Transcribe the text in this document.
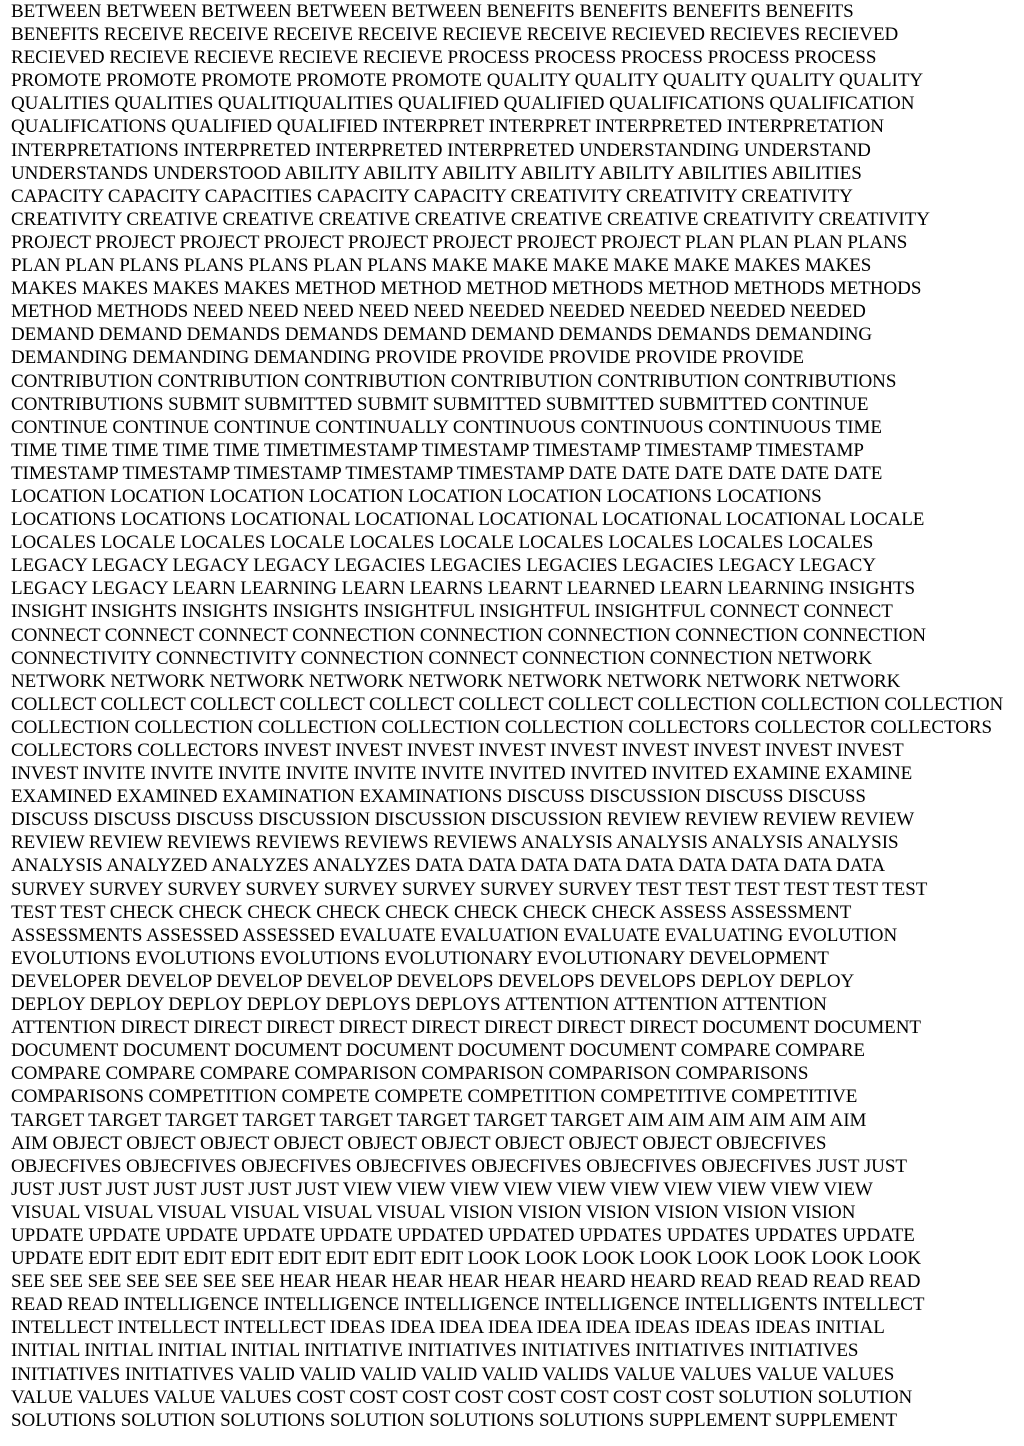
BETWEEN BETWEEN BETWEEN BETWEEN BETWEEN BENEFITS BENEFITS BENEFITS BENEFITS
BENEFITS RECEIVE RECEIVE RECEIVE RECEIVE RECIEVE RECEIVE RECIEVED RECIEVES RECIEVED
RECIEVED RECIEVE RECIEVE RECIEVE RECIEVE PROCESS PROCESS PROCESS PROCESS PROCESS
PROMOTE PROMOTE PROMOTE PROMOTE PROMOTE QUALITY QUALITY QUALITY QUALITY QUALITY
QUALITIES QUALITIES QUALITIQUALITIES QUALIFIED QUALIFIED QUALIFICATIONS QUALIFICATION
QUALIFICATIONS QUALIFIED QUALIFIED INTERPRET INTERPRET INTERPRETED INTERPRETATION
INTERPRETATIONS INTERPRETED INTERPRETED INTERPRETED UNDERSTANDING UNDERSTAND
UNDERSTANDS UNDERSTOOD ABILITY ABILITY ABILITY ABILITY ABILITY ABILITIES ABILITIES
CAPACITY CAPACITY CAPACITIES CAPACITY CAPACITY CREATIVITY CREATIVITY CREATIVITY
CREATIVITY CREATIVE CREATIVE CREATIVE CREATIVE CREATIVE CREATIVE CREATIVITY CREATIVITY
PROJECT PROJECT PROJECT PROJECT PROJECT PROJECT PROJECT PROJECT PLAN PLAN PLAN PLANS
PLAN PLAN PLANS PLANS PLANS PLAN PLANS MAKE MAKE MAKE MAKE MAKE MAKES MAKES
MAKES MAKES MAKES MAKES METHOD METHOD METHOD METHODS METHOD METHODS METHODS
METHOD METHODS NEED NEED NEED NEED NEED NEEDED NEEDED NEEDED NEEDED NEEDED
DEMAND DEMAND DEMANDS DEMANDS DEMAND DEMAND DEMANDS DEMANDS DEMANDING
DEMANDING DEMANDING DEMANDING PROVIDE PROVIDE PROVIDE PROVIDE PROVIDE
CONTRIBUTION CONTRIBUTION CONTRIBUTION CONTRIBUTION CONTRIBUTION CONTRIBUTIONS
CONTRIBUTIONS SUBMIT SUBMITTED SUBMIT SUBMITTED SUBMITTED SUBMITTED CONTINUE
CONTINUE CONTINUE CONTINUE CONTINUALLY CONTINUOUS CONTINUOUS CONTINUOUS TIME
TIME TIME TIME TIME TIME TIMETIMESTAMP TIMESTAMP TIMESTAMP TIMESTAMP TIMESTAMP
TIMESTAMP TIMESTAMP TIMESTAMP TIMESTAMP TIMESTAMP DATE DATE DATE DATE DATE DATE
LOCATION LOCATION LOCATION LOCATION LOCATION LOCATION LOCATIONS LOCATIONS
LOCATIONS LOCATIONS LOCATIONAL LOCATIONAL LOCATIONAL LOCATIONAL LOCATIONAL LOCALE
LOCALES LOCALE LOCALES LOCALE LOCALES LOCALE LOCALES LOCALES LOCALES LOCALES
LEGACY LEGACY LEGACY LEGACY LEGACIES LEGACIES LEGACIES LEGACIES LEGACY LEGACY
LEGACY LEGACY LEARN LEARNING LEARN LEARNS LEARNT LEARNED LEARN LEARNING INSIGHTS
INSIGHT INSIGHTS INSIGHTS INSIGHTS INSIGHTFUL INSIGHTFUL INSIGHTFUL CONNECT CONNECT
CONNECT CONNECT CONNECT CONNECTION CONNECTION CONNECTION CONNECTION CONNECTION
CONNECTIVITY CONNECTIVITY CONNECTION CONNECT CONNECTION CONNECTION NETWORK
NETWORK NETWORK NETWORK NETWORK NETWORK NETWORK NETWORK NETWORK NETWORK
COLLECT COLLECT COLLECT COLLECT COLLECT COLLECT COLLECT COLLECTION COLLECTION COLLECTION
COLLECTION COLLECTION COLLECTION COLLECTION COLLECTION COLLECTORS COLLECTOR COLLECTORS
COLLECTORS COLLECTORS INVEST INVEST INVEST INVEST INVEST INVEST INVEST INVEST INVEST
INVEST INVITE INVITE INVITE INVITE INVITE INVITE INVITED INVITED INVITED EXAMINE EXAMINE
EXAMINED EXAMINED EXAMINATION EXAMINATIONS DISCUSS DISCUSSION DISCUSS DISCUSS
DISCUSS DISCUSS DISCUSS DISCUSSION DISCUSSION DISCUSSION REVIEW REVIEW REVIEW REVIEW
REVIEW REVIEW REVIEWS REVIEWS REVIEWS REVIEWS ANALYSIS ANALYSIS ANALYSIS ANALYSIS
ANALYSIS ANALYZED ANALYZES ANALYZES DATA DATA DATA DATA DATA DATA DATA DATA DATA
SURVEY SURVEY SURVEY SURVEY SURVEY SURVEY SURVEY SURVEY TEST TEST TEST TEST TEST TEST
TEST TEST CHECK CHECK CHECK CHECK CHECK CHECK CHECK CHECK ASSESS ASSESSMENT
ASSESSMENTS ASSESSED ASSESSED EVALUATE EVALUATION EVALUATE EVALUATING EVOLUTION
EVOLUTIONS EVOLUTIONS EVOLUTIONS EVOLUTIONARY EVOLUTIONARY DEVELOPMENT
DEVELOPER DEVELOP DEVELOP DEVELOP DEVELOPS DEVELOPS DEVELOPS DEPLOY DEPLOY
DEPLOY DEPLOY DEPLOY DEPLOY DEPLOYS DEPLOYS ATTENTION ATTENTION ATTENTION
ATTENTION DIRECT DIRECT DIRECT DIRECT DIRECT DIRECT DIRECT DIRECT DOCUMENT DOCUMENT
DOCUMENT DOCUMENT DOCUMENT DOCUMENT DOCUMENT DOCUMENT COMPARE COMPARE
COMPARE COMPARE COMPARE COMPARISON COMPARISON COMPARISON COMPARISONS
COMPARISONS COMPETITION COMPETE COMPETE COMPETITION COMPETITIVE COMPETITIVE
TARGET TARGET TARGET TARGET TARGET TARGET TARGET TARGET AIM AIM AIM AIM AIM AIM
AIM OBJECT OBJECT OBJECT OBJECT OBJECT OBJECT OBJECT OBJECT OBJECT OBJECFIVES
OBJECFIVES OBJECFIVES OBJECFIVES OBJECFIVES OBJECFIVES OBJECFIVES OBJECFIVES JUST JUST
JUST JUST JUST JUST JUST JUST JUST VIEW VIEW VIEW VIEW VIEW VIEW VIEW VIEW VIEW VIEW
VISUAL VISUAL VISUAL VISUAL VISUAL VISUAL VISION VISION VISION VISION VISION VISION
UPDATE UPDATE UPDATE UPDATE UPDATE UPDATED UPDATED UPDATES UPDATES UPDATES UPDATE
UPDATE EDIT EDIT EDIT EDIT EDIT EDIT EDIT EDIT LOOK LOOK LOOK LOOK LOOK LOOK LOOK LOOK
SEE SEE SEE SEE SEE SEE SEE HEAR HEAR HEAR HEAR HEAR HEARD HEARD READ READ READ READ
READ READ INTELLIGENCE INTELLIGENCE INTELLIGENCE INTELLIGENCE INTELLIGENTS INTELLECT
INTELLECT INTELLECT INTELLECT IDEAS IDEA IDEA IDEA IDEA IDEA IDEAS IDEAS IDEAS INITIAL
INITIAL INITIAL INITIAL INITIAL INITIATIVE INITIATIVES INITIATIVES INITIATIVES INITIATIVES
INITIATIVES INITIATIVES VALID VALID VALID VALID VALID VALIDS VALUE VALUES VALUE VALUES
VALUE VALUES VALUE VALUES COST COST COST COST COST COST COST COST SOLUTION SOLUTION
SOLUTIONS SOLUTION SOLUTIONS SOLUTION SOLUTIONS SOLUTIONS SUPPLEMENT SUPPLEMENT
